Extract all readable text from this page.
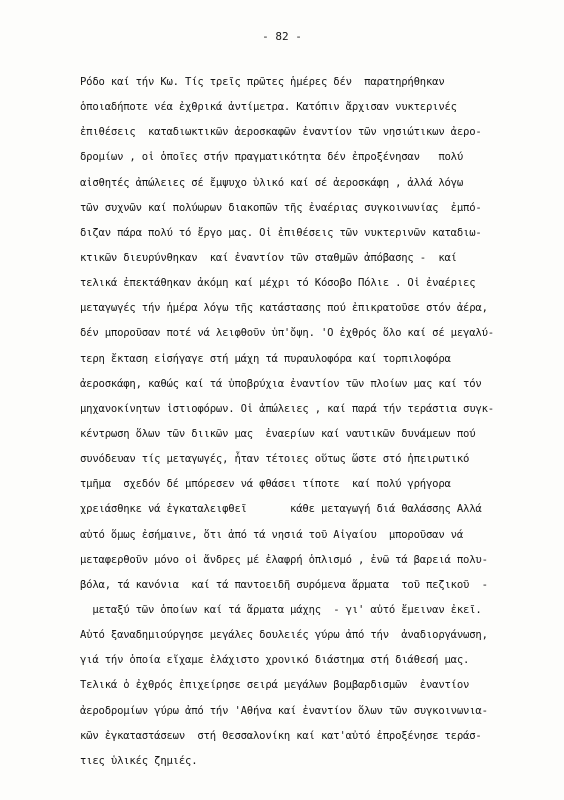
- 82 -
Ρόδο καί τήν Κω. Τίς τρεῖς πρῶτες ἡμέρες δέν  παρατηρήθηκαν
ὁποιαδήποτε νέα ἐχθρικά ἀντίμετρα. Κατόπιν ἄρχισαν νυκτερινές
ἐπιθέσεις  καταδιωκτικῶν ἀεροσκαφῶν ἐναντίον τῶν νησιώτικων ἀερο-
δρομίων , οἱ ὁποῖες στήν πραγματικότητα δέν ἐπροξένησαν   πολύ
αἰσθητές ἀπώλειες σέ ἔμψυχο ὑλικό καί σέ ἀεροσκάφη , ἀλλά λόγω
τῶν συχνῶν καί πολύωρων διακοπῶν τῆς ἐναέριας συγκοινωνίας  ἐμπό-
διζαν πάρα πολύ τό ἔργο μας. Οἱ ἐπιθέσεις τῶν νυκτερινῶν καταδιω-
κτικῶν διευρύνθηκαν  καί ἐναντίον τῶν σταθμῶν ἀπόβασης -  καί
τελικά ἐπεκτάθηκαν ἀκόμη καί μέχρι τό Κόσοβο Πόλιε . Οἱ ἐναέριες
μεταγωγές τήν ἡμέρα λόγω τῆς κατάστασης πού ἐπικρατοῦσε στόν ἀέρα,
δέν μποροῦσαν ποτέ νά λειφθοῦν ὑπ'ὄψη. 'Ο ἐχθρός ὅλο καί σέ μεγαλύ-
τερη ἔκταση εἰσήγαγε στή μάχη τά πυραυλοφόρα καί τορπιλοφόρα
ἀεροσκάφη, καθώς καί τά ὑποβρύχια ἐναντίον τῶν πλοίων μας καί τόν
μηχανοκίνητων ἱστιοφόρων. Οἱ ἀπώλειες , καί παρά τήν τεράστια συγκ-
κέντρωση ὅλων τῶν διικῶν μας  ἐναερίων καί ναυτικῶν δυνάμεων πού
συνόδευαν τίς μεταγωγές, ἦταν τέτοιες οὕτως ὥστε στό ἠπειρωτικό
τμῆμα  σχεδόν δέ μπόρεσεν νά φθάσει τίποτε  καί πολύ γρήγορα
χρειάσθηκε νά ἐγκαταλειφθεῖ       κάθε μεταγωγή διά θαλάσσης Αλλά
αὐτό ὅμως ἐσήμαινε, ὅτι ἀπό τά νησιά τοῦ Αἰγαίου  μποροῦσαν νά
μεταφερθοῦν μόνο οἱ ἄνδρες μέ ἐλαφρή ὁπλισμό , ἐνῶ τά βαρειά πολυ-
βόλα, τά κανόνια  καί τά παντοειδῆ συρόμενα ἅρματα  τοῦ πεζικοῦ  -
μεταξύ τῶν ὁποίων καί τά ἅρματα μάχης  - γι' αὐτό ἔμειναν ἐκεῖ.
Αὐτό ξαναδημιούργησε μεγάλες δουλειές γύρω ἀπό τήν  ἀναδιοργάνωση,
γιά τήν ὁποία εἴχαμε ἐλάχιστο χρονικό διάστημα στή διάθεσή μας.
Τελικά ὁ ἐχθρός ἐπιχείρησε σειρά μεγάλων βομβαρδισμῶν  ἐναντίον
ἀεροδρομίων γύρω ἀπό τήν 'Αθήνα καί ἐναντίον ὅλων τῶν συγκοινωνια-
κῶν ἐγκαταστάσεων  στή Θεσσαλονίκη καί κατ'αὐτό ἐπροξένησε τεράσ-
τιες ὑλικές ζημιές.
